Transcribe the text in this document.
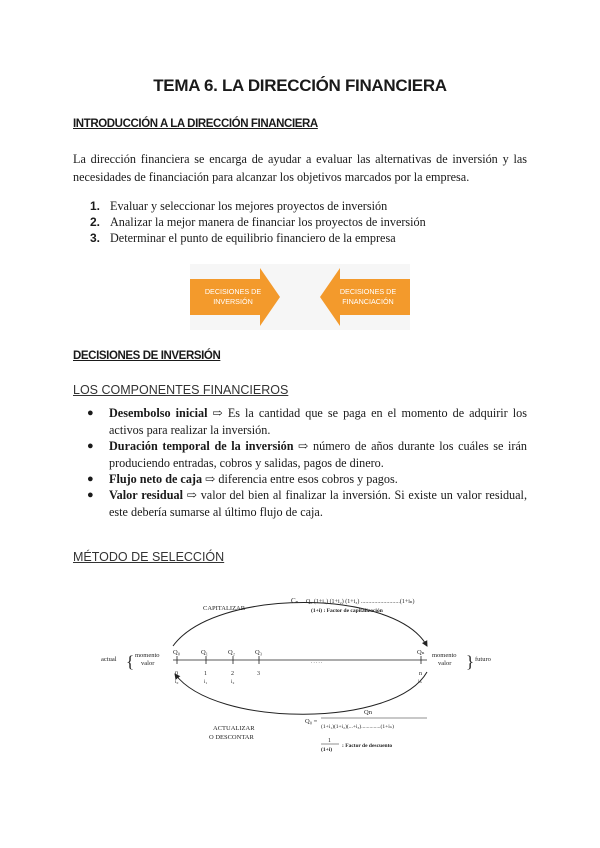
TEMA 6. LA DIRECCIÓN FINANCIERA
INTRODUCCIÓN A LA DIRECCIÓN FINANCIERA
La dirección financiera se encarga de ayudar a evaluar las alternativas de inversión y las
necesidades de financiación para alcanzar los objetivos marcados por la empresa.
1. Evaluar y seleccionar los mejores proyectos de inversión
2. Analizar la mejor manera de financiar los proyectos de inversión
3. Determinar el punto de equilibrio financiero de la empresa
DECISIONES DE
INVERSIÓN
DECISIONES DE
FINANCIACIÓN
DECISIONES DE INVERSIÓN
LOS COMPONENTES FINANCIEROS
● Desembolso inicial ⇨ Es la cantidad que se paga en el momento de adquirir los
activos para realizar la inversión.
● Duración temporal de la inversión ⇨ número de años durante los cuáles se irán
produciendo entradas, cobros y salidas, pagos de dinero.
● Flujo neto de caja ⇨ diferencia entre esos cobros y pagos.
● Valor residual ⇨ valor del bien al finalizar la inversión. Si existe un valor residual,
este debería sumarse al último flujo de caja.
MÉTODO DE SELECCIÓN
CAPITALIZAR
Cₙ Q₀ (1+i₁) (1+i₂) (1+i₃) ..........................(1+iₙ)
(1+i) : Factor de capitalización
actual { momento
valor
momento
valor } futuro
Q₀	Q₁	Q₂	Q₃	Qₙ
0	1	2	3	n
i₀	i₁	i₂	iₙ
. . . . .
ACTUALIZAR
O DESCONTAR
Qn
Q₀ =
(1+i₁)(1+i₂)(...+i₃)..............(1+iₙ)
1
(1+i)
: Factor de descuento
